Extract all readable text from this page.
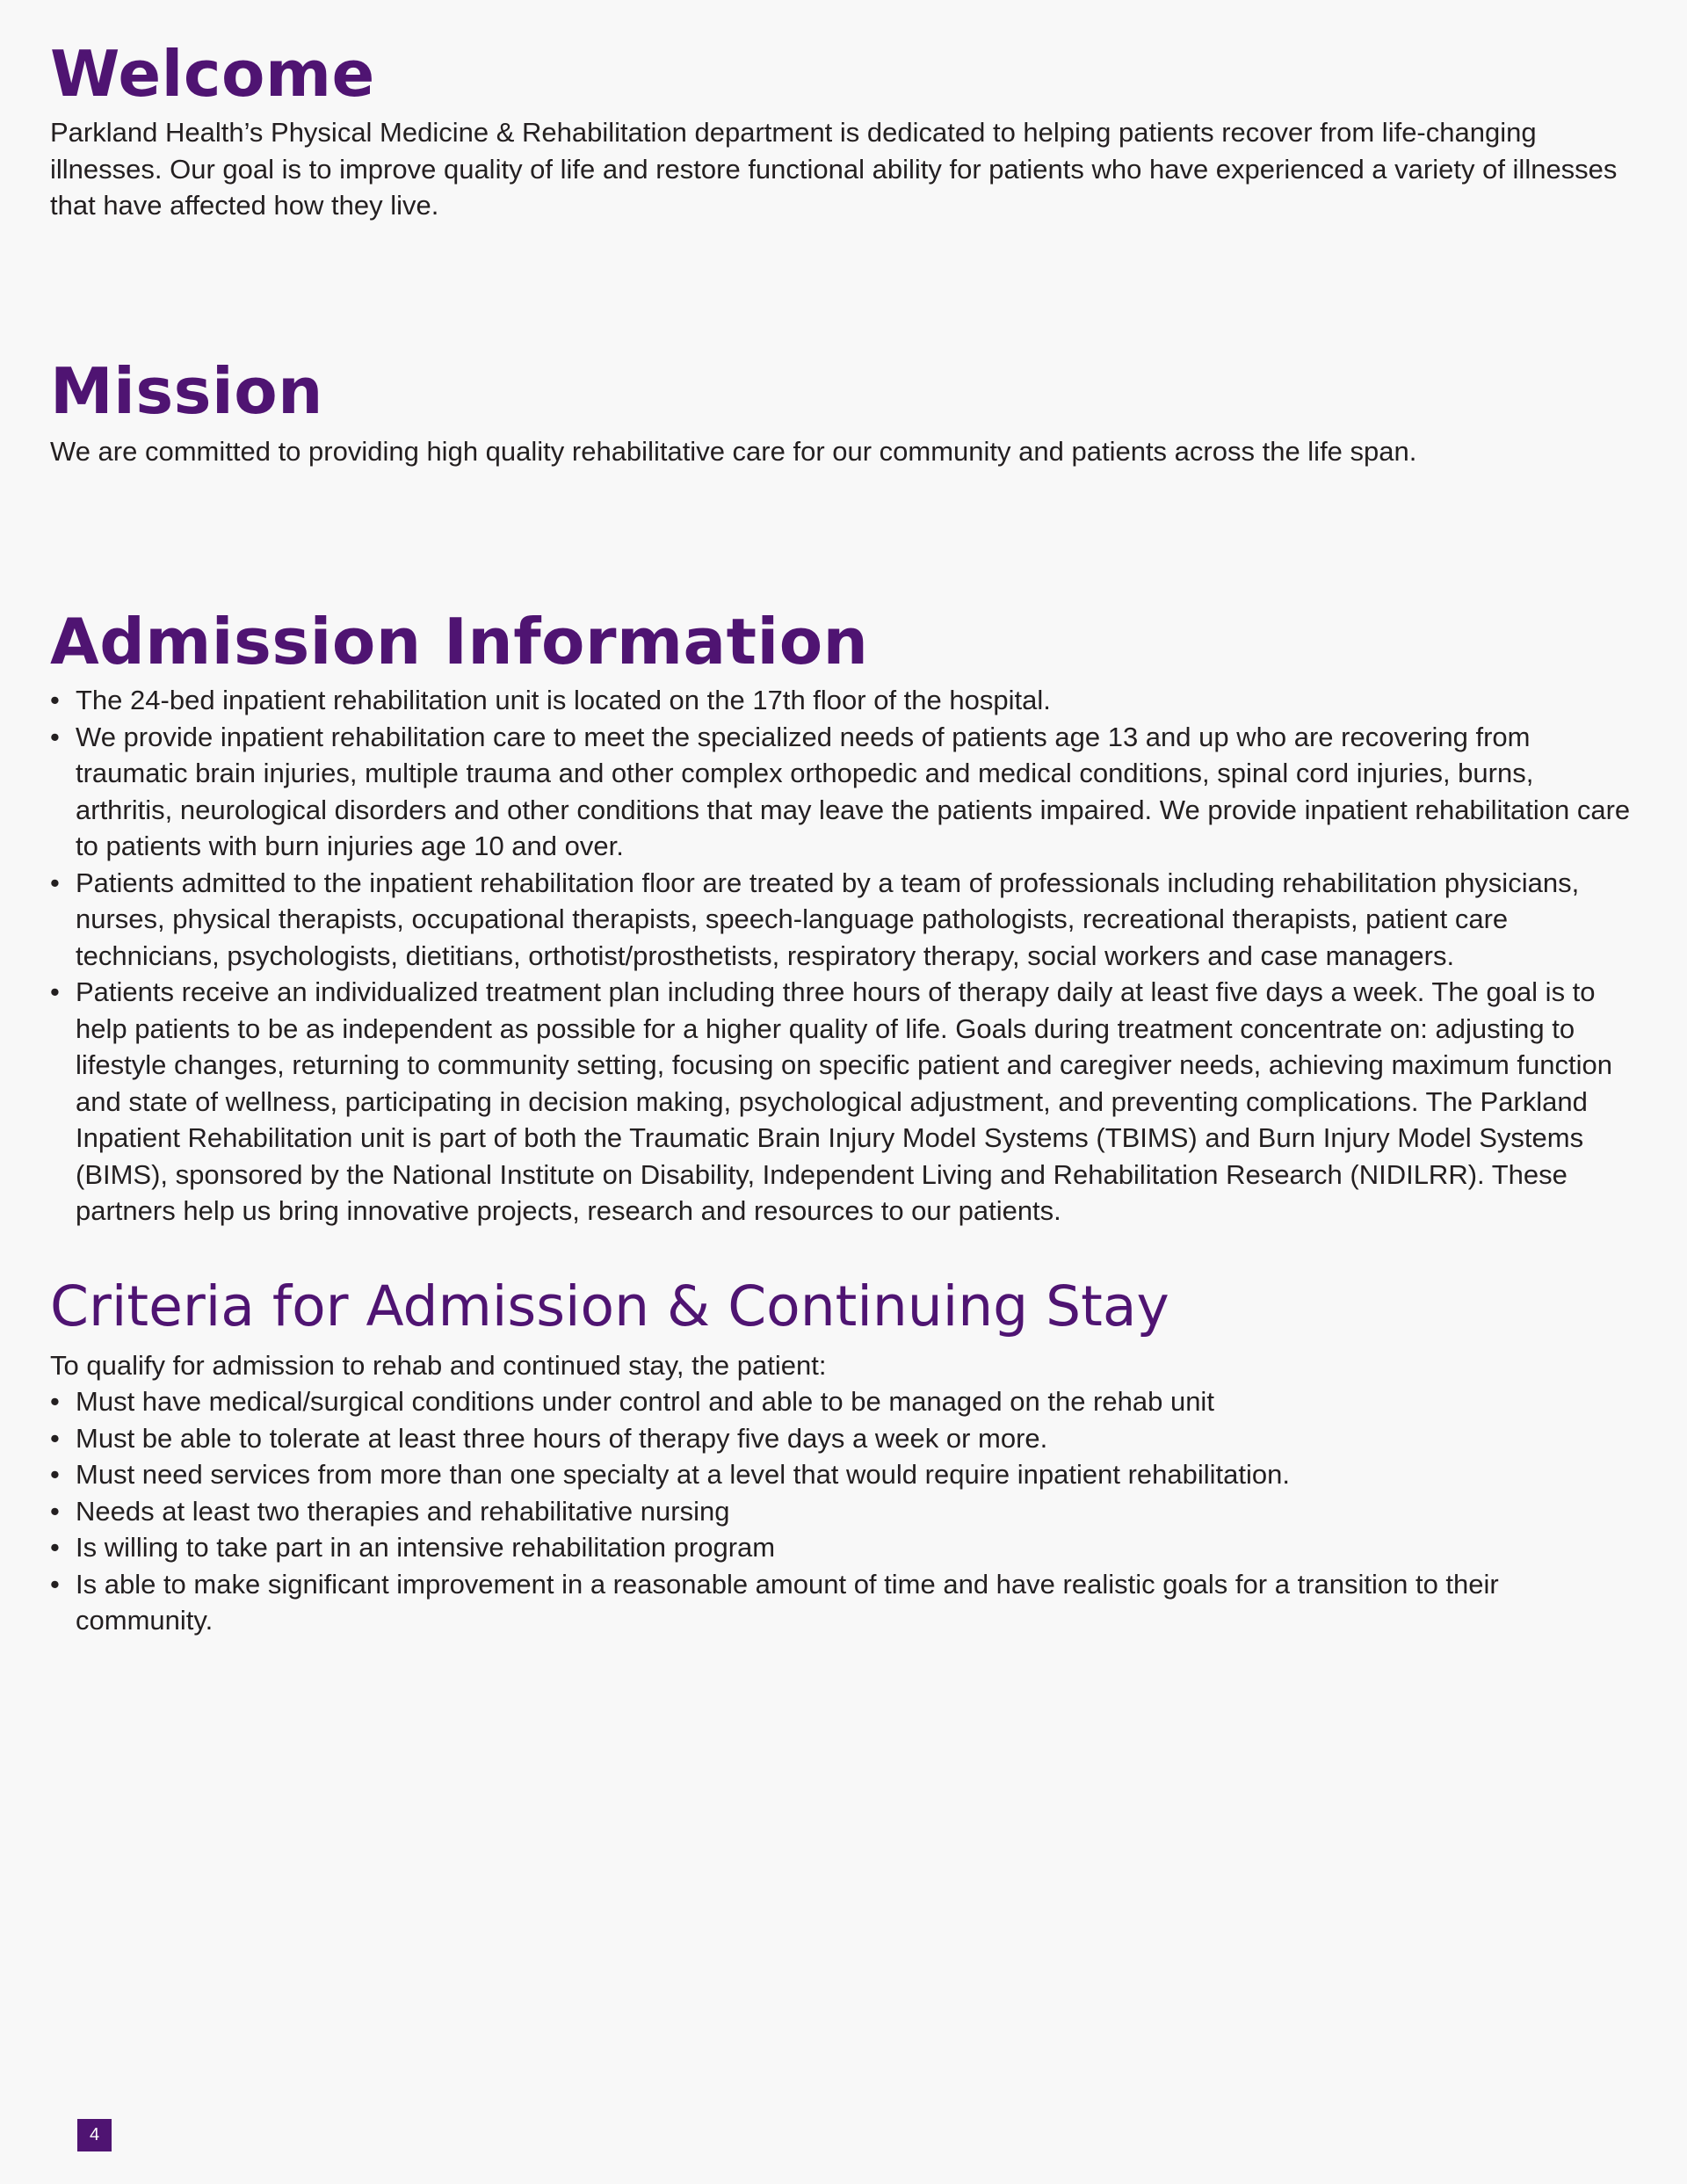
Welcome

Parkland Health’s Physical Medicine & Rehabilitation department is dedicated to helping patients recover from life-changing illnesses. Our goal is to improve quality of life and restore functional ability for patients who have experienced a variety of illnesses that have affected how they live.

Mission

We are committed to providing high quality rehabilitative care for our community and patients across the life span.

Admission Information
• The 24-bed inpatient rehabilitation unit is located on the 17th floor of the hospital.
• We provide inpatient rehabilitation care to meet the specialized needs of patients age 13 and up who are recovering from traumatic brain injuries, multiple trauma and other complex orthopedic and medical conditions, spinal cord injuries, burns, arthritis, neurological disorders and other conditions that may leave the patients impaired. We provide inpatient rehabilitation care to patients with burn injuries age 10 and over.
• Patients admitted to the inpatient rehabilitation floor are treated by a team of professionals including rehabilitation physicians, nurses, physical therapists, occupational therapists, speech-language pathologists, recreational therapists, patient care technicians, psychologists, dietitians, orthotist/prosthetists, respiratory therapy, social workers and case managers.
• Patients receive an individualized treatment plan including three hours of therapy daily at least five days a week. The goal is to help patients to be as independent as possible for a higher quality of life. Goals during treatment concentrate on: adjusting to lifestyle changes, returning to community setting, focusing on specific patient and caregiver needs, achieving maximum function and state of wellness, participating in decision making, psychological adjustment, and preventing complications. The Parkland Inpatient Rehabilitation unit is part of both the Traumatic Brain Injury Model Systems (TBIMS) and Burn Injury Model Systems (BIMS), sponsored by the National Institute on Disability, Independent Living and Rehabilitation Research (NIDILRR). These partners help us bring innovative projects, research and resources to our patients.
Criteria for Admission & Continuing Stay

To qualify for admission to rehab and continued stay, the patient:

• Must have medical/surgical conditions under control and able to be managed on the rehab unit
• Must be able to tolerate at least three hours of therapy five days a week or more.
• Must need services from more than one specialty at a level that would require inpatient rehabilitation.
• Needs at least two therapies and rehabilitative nursing
• Is willing to take part in an intensive rehabilitation program
• Is able to make significant improvement in a reasonable amount of time and have realistic goals for a transition to their community.
4
